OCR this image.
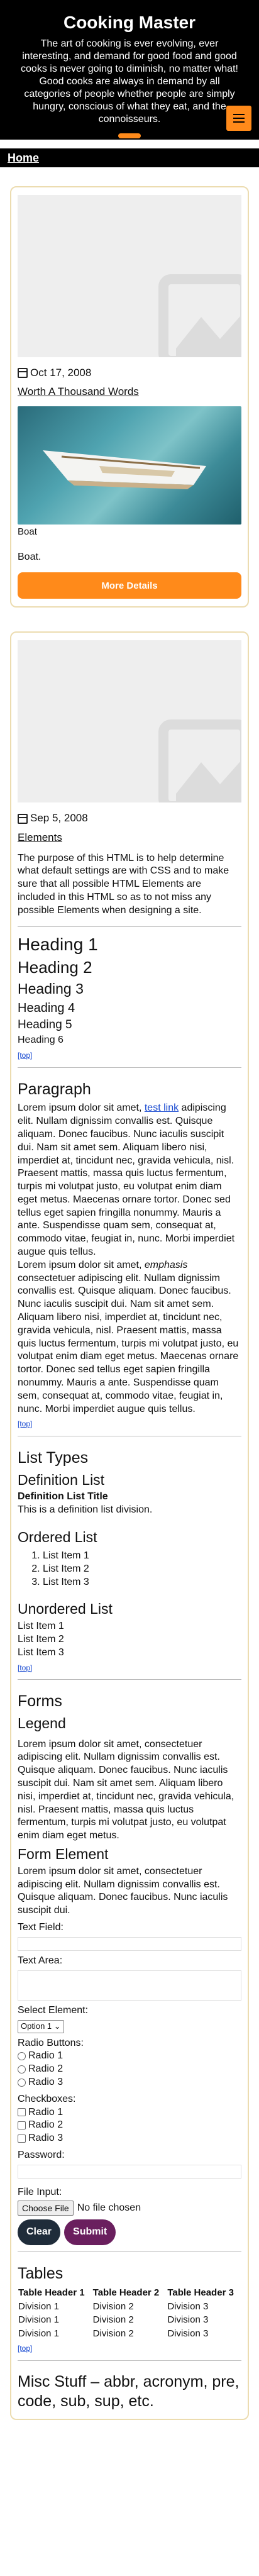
Cooking Master
The art of cooking is ever evolving, ever interesting, and demand for good food and good cooks is never going to diminish, no matter what! Good cooks are always in demand by all categories of people whether people are simply hungry, conscious of what they eat, and the connoisseurs.
Home
Oct 17, 2008
Worth A Thousand Words
Boat

Boat.

More Details
Sep 5, 2008
Elements

The purpose of this HTML is to help determine what default settings are with CSS and to make sure that all possible HTML Elements are included in this HTML so as to not miss any possible Elements when designing a site.

Heading 1
Heading 2
Heading 3
Heading 4
Heading 5
Heading 6
[top]
Paragraph
Lorem ipsum dolor sit amet, test link adipiscing elit. Nullam dignissim convallis est. Quisque aliquam. Donec faucibus. Nunc iaculis suscipit dui. Nam sit amet sem. Aliquam libero nisi, imperdiet at, tincidunt nec, gravida vehicula, nisl. Praesent mattis, massa quis luctus fermentum, turpis mi volutpat justo, eu volutpat enim diam eget metus. Maecenas ornare tortor. Donec sed tellus eget sapien fringilla nonummy. Mauris a ante. Suspendisse quam sem, consequat at, commodo vitae, feugiat in, nunc. Morbi imperdiet augue quis tellus.
Lorem ipsum dolor sit amet, emphasis consectetuer adipiscing elit. Nullam dignissim convallis est. Quisque aliquam. Donec faucibus. Nunc iaculis suscipit dui. Nam sit amet sem. Aliquam libero nisi, imperdiet at, tincidunt nec, gravida vehicula, nisl. Praesent mattis, massa quis luctus fermentum, turpis mi volutpat justo, eu volutpat enim diam eget metus. Maecenas ornare tortor. Donec sed tellus eget sapien fringilla nonummy. Mauris a ante. Suspendisse quam sem, consequat at, commodo vitae, feugiat in, nunc. Morbi imperdiet augue quis tellus.
[top]
List Types
Definition List
Definition List Title
This is a definition list division.
Ordered List
1. List Item 1
2. List Item 2
3. List Item 3
Unordered List
List Item 1
List Item 2
List Item 3
[top]
Forms
Legend

Lorem ipsum dolor sit amet, consectetuer adipiscing elit. Nullam dignissim convallis est. Quisque aliquam. Donec faucibus. Nunc iaculis suscipit dui. Nam sit amet sem. Aliquam libero nisi, imperdiet at, tincidunt nec, gravida vehicula, nisl. Praesent mattis, massa quis luctus fermentum, turpis mi volutpat justo, eu volutpat enim diam eget metus.

Form Element

Lorem ipsum dolor sit amet, consectetuer adipiscing elit. Nullam dignissim convallis est. Quisque aliquam. Donec faucibus. Nunc iaculis suscipit dui.

Text Field:
Text Area:
Select Element:
Option 1 ⌄
Radio Buttons:
Radio 1
Radio 2
Radio 3
Checkboxes:
Radio 1
Radio 2
Radio 3
Password:
File Input:
Choose File No file chosen
Clear Submit
Tables
Table Header 1	Table Header 2	Table Header 3
Division 1	Division 2	Division 3
Division 1	Division 2	Division 3
Division 1	Division 2	Division 3
[top]
Misc Stuff – abbr, acronym, pre, code, sub, sup, etc.
